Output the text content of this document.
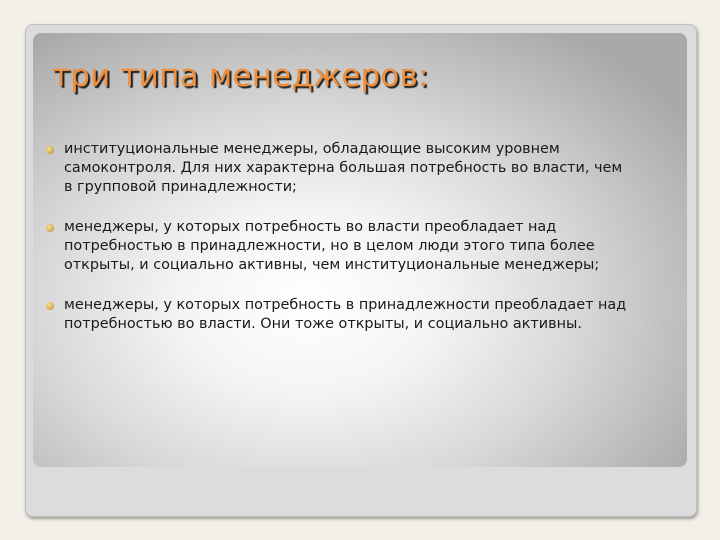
три типа менеджеров:
институциональные менеджеры, обладающие высоким уровнем самоконтроля. Для них характерна большая потребность во власти, чем в групповой принадлежности;
менеджеры, у которых потребность во власти преобладает над потребностью в принадлежности, но в целом люди этого типа более открыты, и социально активны, чем институциональные менеджеры;
менеджеры, у которых потребность в принадлежности преобладает над потребностью во власти. Они тоже открыты, и социально активны.
